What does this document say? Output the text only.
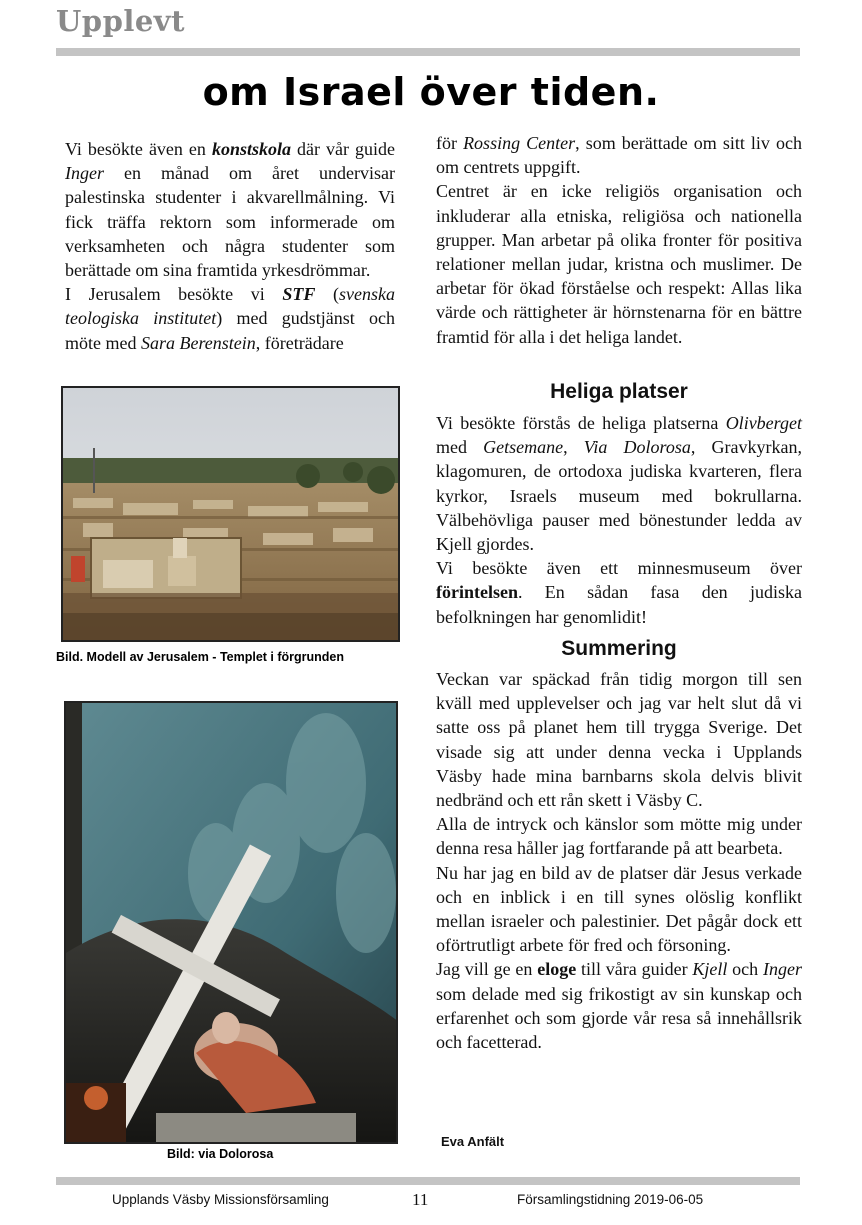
Upplevt
om Israel över tiden.

Vi besökte även en konstskola där vår guide Inger en månad om året undervisar palestinska studenter i akvarellmålning. Vi fick träffa rektorn som informerade om verksamheten och några studenter som berättade om sina framtida yrkesdrömmar.

I Jerusalem besökte vi STF (svenska teologiska institutet) med gudstjänst och möte med Sara Berenstein, företrädare

Bild. Modell av Jerusalem - Templet i förgrunden
Bild: via Dolorosa

för Rossing Center, som berättade om sitt liv och om centrets uppgift.

Centret är en icke religiös organisation och inkluderar alla etniska, religiösa och nationella grupper. Man arbetar på olika fronter för positiva relationer mellan judar, kristna och muslimer. De arbetar för ökad förståelse och respekt: Allas lika värde och rättigheter är hörnstenarna för en bättre framtid för alla i det heliga landet.

Heliga platser

Vi besökte förstås de heliga platserna Olivberget med Getsemane, Via Dolorosa, Gravkyrkan, klagomuren, de ortodoxa judiska kvarteren, flera kyrkor, Israels museum med bokrullarna. Välbehövliga pauser med bönestunder ledda av Kjell gjordes.

Vi besökte även ett minnesmuseum över förintelsen. En sådan fasa den judiska befolkningen har genomlidit!

Summering

Veckan var späckad från tidig morgon till sen kväll med upplevelser och jag var helt slut då vi satte oss på planet hem till trygga Sverige. Det visade sig att under denna vecka i Upplands Väsby hade mina barnbarns skola delvis blivit nedbränd och ett rån skett i Väsby C.

Alla de intryck och känslor som mötte mig under denna resa håller jag fortfarande på att bearbeta.

Nu har jag en bild av de platser där Jesus verkade och en inblick i en till synes olöslig konflikt mellan israeler och palestinier. Det pågår dock ett oförtrutligt arbete för fred och försoning.

Jag vill ge en eloge till våra guider Kjell och Inger som delade med sig frikostigt av sin kunskap och erfarenhet och som gjorde vår resa så innehållsrik och facetterad.

Eva Anfält
Upplands Väsby Missionsförsamling	11	Församlingstidning 2019-06-05
